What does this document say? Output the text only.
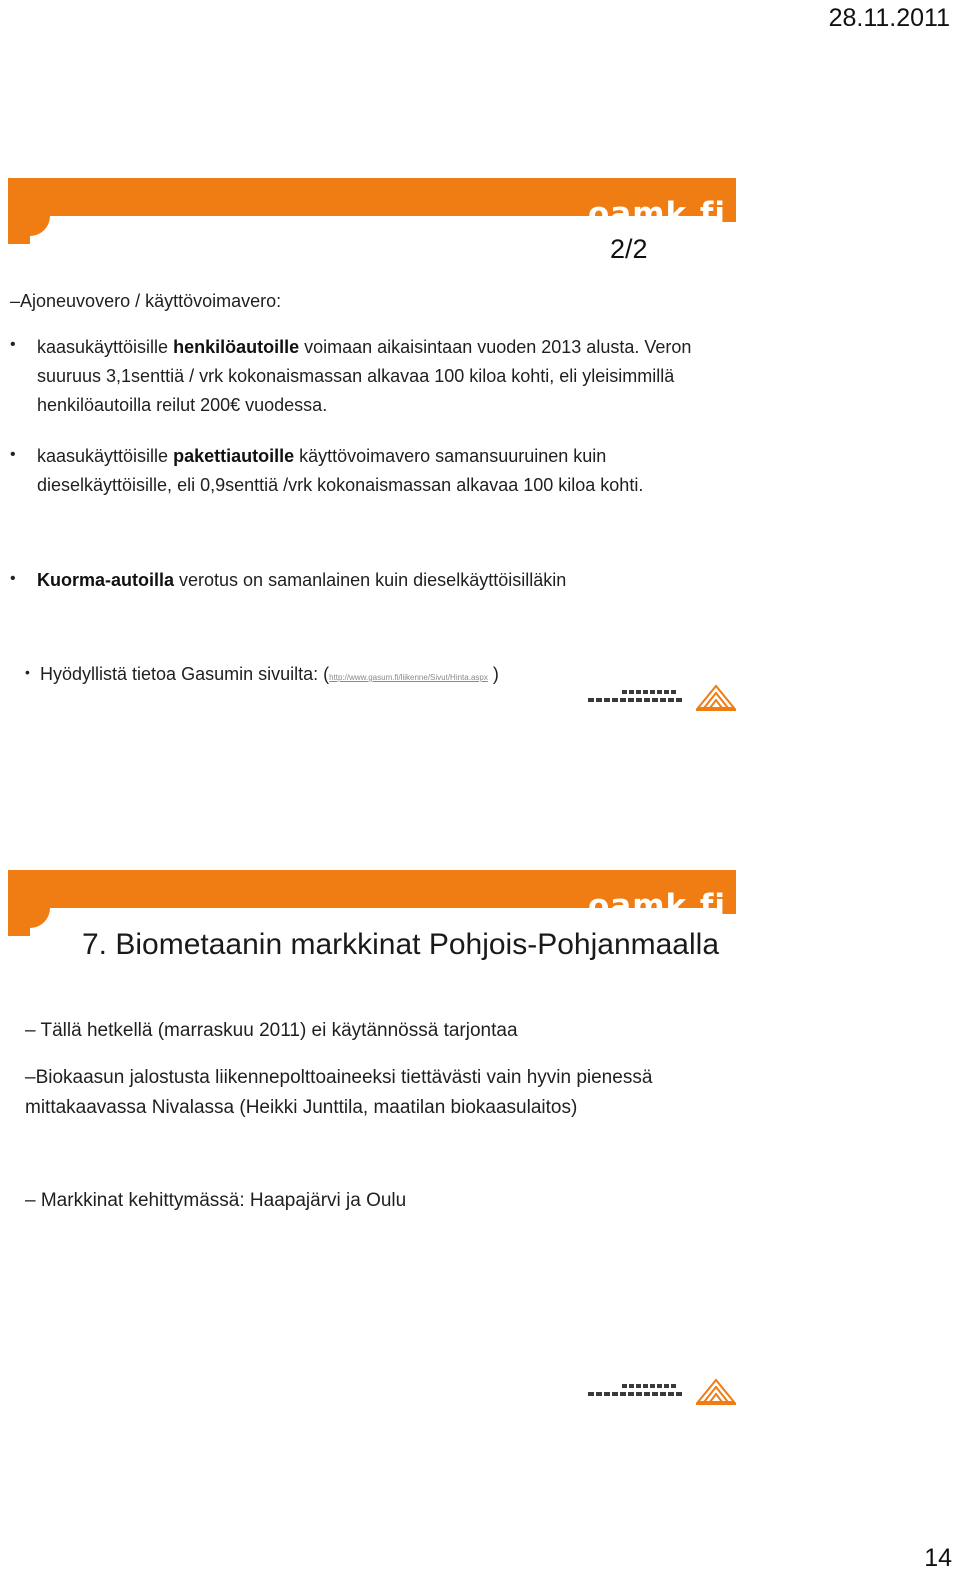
28.11.2011
oamk.fi
2/2
–Ajoneuvovero / käyttövoimavero:
• kaasukäyttöisille henkilöautoille voimaan aikaisintaan vuoden 2013 alusta. Veron
suuruus 3,1senttiä / vrk kokonaismassan alkavaa 100 kiloa kohti, eli yleisimmillä
henkilöautoilla reilut 200€ vuodessa.
• kaasukäyttöisille pakettiautoille käyttövoimavero samansuuruinen kuin
dieselkäyttöisille, eli 0,9senttiä /vrk kokonaismassan alkavaa 100 kiloa kohti.
• Kuorma-autoilla verotus on samanlainen kuin dieselkäyttöisilläkin
• Hyödyllistä tietoa Gasumin sivuilta: (http://www.gasum.fi/liikenne/Sivut/Hinta.aspx )
oamk.fi
7. Biometaanin markkinat Pohjois-Pohjanmaalla
– Tällä hetkellä (marraskuu 2011) ei käytännössä tarjontaa
–Biokaasun jalostusta liikennepolttoaineeksi tiettävästi vain hyvin pienessä
mittakaavassa Nivalassa (Heikki Junttila, maatilan biokaasulaitos)
– Markkinat kehittymässä: Haapajärvi ja Oulu
14
